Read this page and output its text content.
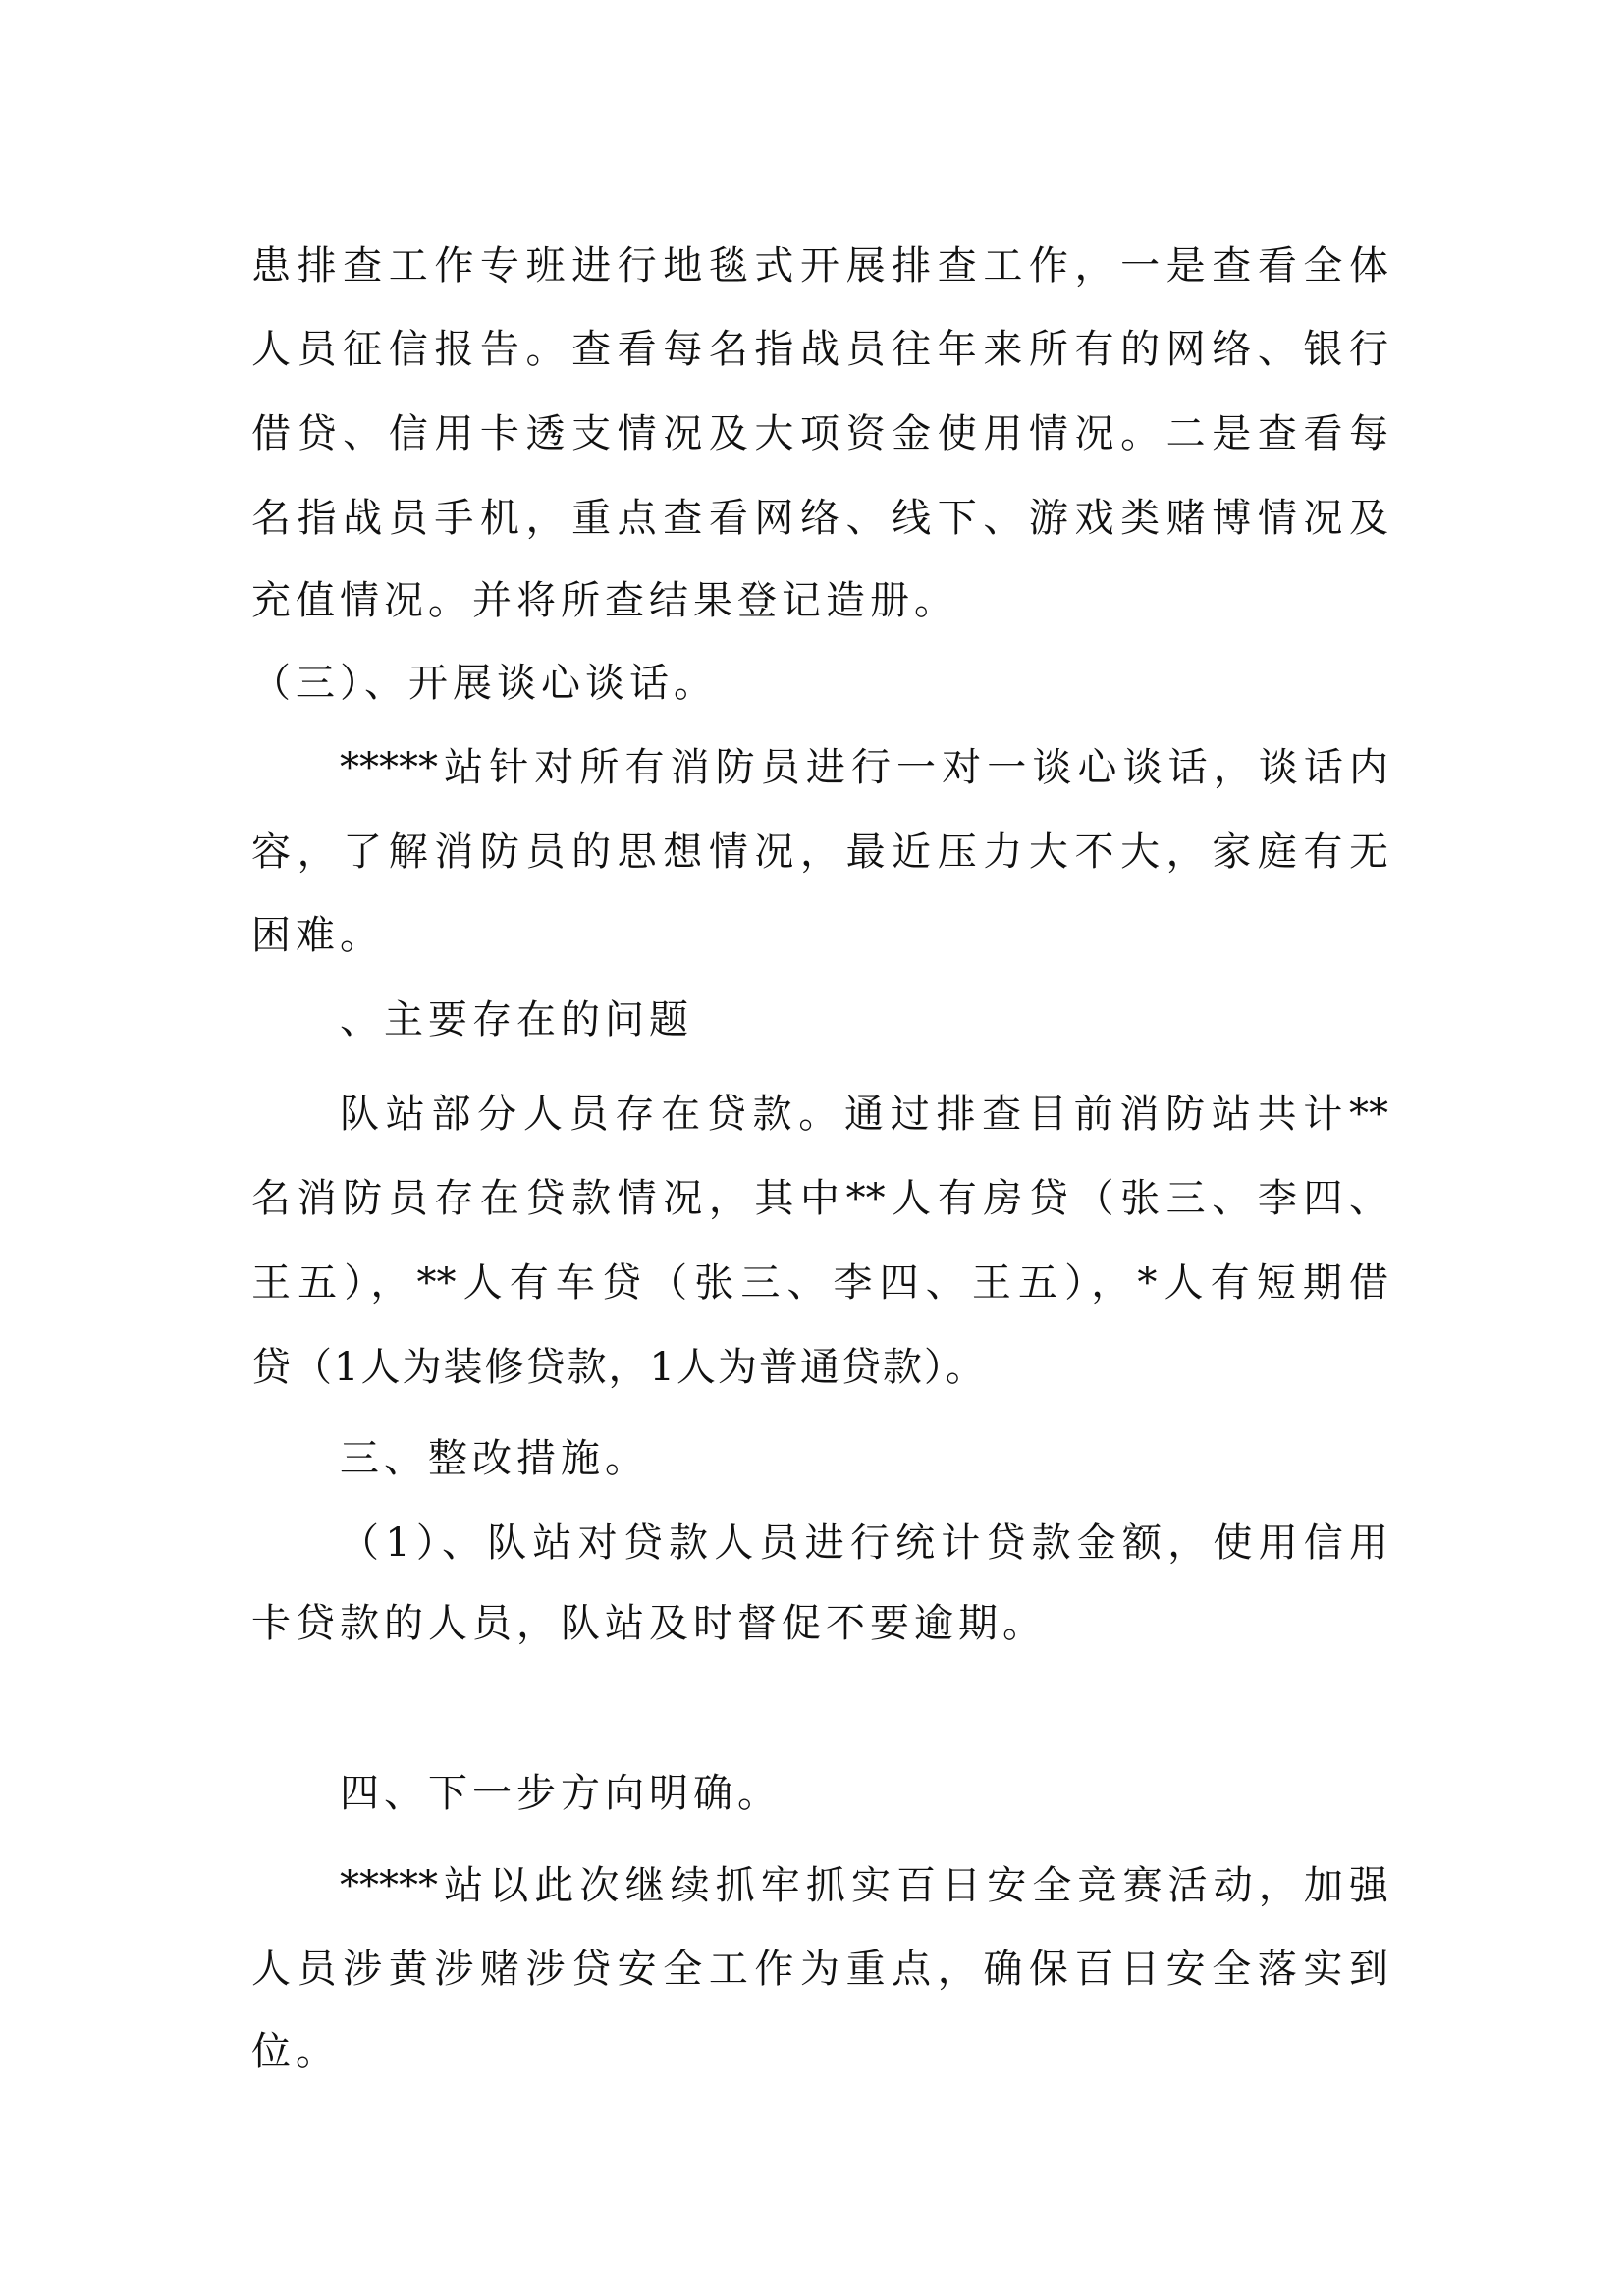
患排查工作专班进行地毯式开展排查工作，一是查看全体

人员征信报告。查看每名指战员往年来所有的网络、银行

借贷、信用卡透支情况及大项资金使用情况。二是查看每

名指战员手机，重点查看网络、线下、游戏类赌博情况及

充值情况。并将所查结果登记造册。

（三）、开展谈心谈话。

*****站针对所有消防员进行一对一谈心谈话，谈话内

容，了解消防员的思想情况，最近压力大不大，家庭有无

困难。

、主要存在的问题

队站部分人员存在贷款。通过排查目前消防站共计**

名消防员存在贷款情况，其中**人有房贷（张三、李四、

王五），**人有车贷（张三、李四、王五），*人有短期借

贷（1人为装修贷款，1人为普通贷款）。

三、整改措施。

（1）、队站对贷款人员进行统计贷款金额，使用信用

卡贷款的人员，队站及时督促不要逾期。

四、下一步方向明确。

*****站以此次继续抓牢抓实百日安全竞赛活动，加强

人员涉黄涉赌涉贷安全工作为重点，确保百日安全落实到

位。
